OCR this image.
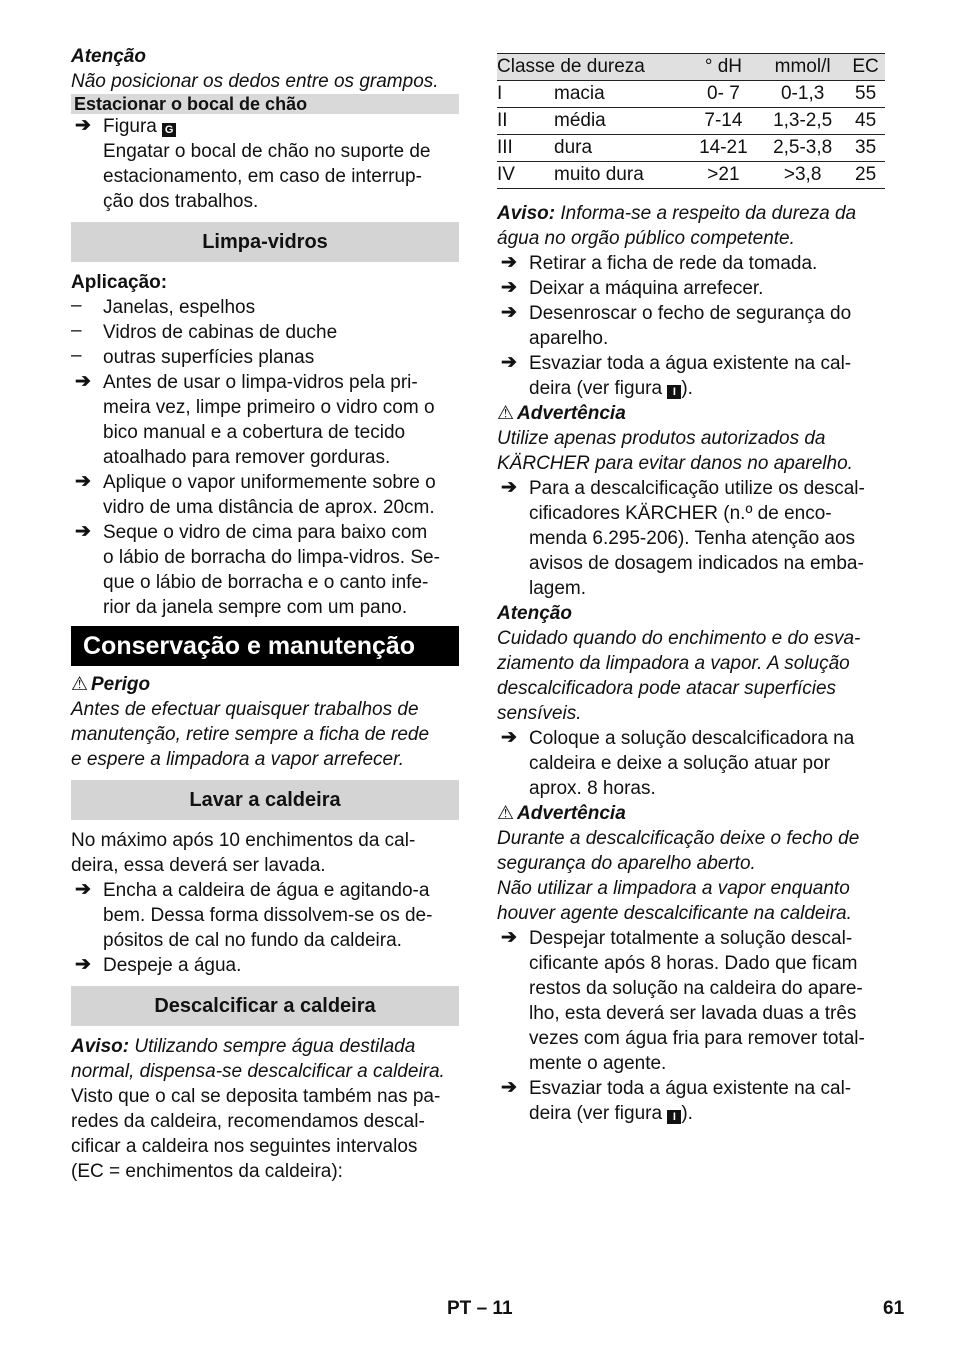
Atenção

Não posicionar os dedos entre os grampos.

Estacionar o bocal de chão

➔ Figura G

Engatar o bocal de chão no suporte de

estacionamento, em caso de interrup-

ção dos trabalhos.

Limpa-vidros

Aplicação:

– Janelas, espelhos

– Vidros de cabinas de duche

– outras superfícies planas

➔ Antes de usar o limpa-vidros pela pri-

meira vez, limpe primeiro o vidro com o

bico manual e a cobertura de tecido

atoalhado para remover gorduras.

➔ Aplique o vapor uniformemente sobre o

vidro de uma distância de aprox. 20cm.

➔ Seque o vidro de cima para baixo com

o lábio de borracha do limpa-vidros. Se-

que o lábio de borracha e o canto infe-

rior da janela sempre com um pano.

Conservação e manutenção

⚠ Perigo

Antes de efectuar quaisquer trabalhos de

manutenção, retire sempre a ficha de rede

e espere a limpadora a vapor arrefecer.

Lavar a caldeira

No máximo após 10 enchimentos da cal-

deira, essa deverá ser lavada.

➔ Encha a caldeira de água e agitando-a

bem. Dessa forma dissolvem-se os de-

pósitos de cal no fundo da caldeira.

➔ Despeje a água.

Descalcificar a caldeira

Aviso: Utilizando sempre água destilada

normal, dispensa-se descalcificar a caldeira.

Visto que o cal se deposita também nas pa-

redes da caldeira, recomendamos descal-

cificar a caldeira nos seguintes intervalos

(EC = enchimentos da caldeira):

Classe de dureza		° dH	mmol/l	EC
I	macia	0- 7	0-1,3	55
II	média	7-14	1,3-2,5	45
III	dura	14-21	2,5-3,8	35
IV	muito dura	>21	>3,8	25

Aviso: Informa-se a respeito da dureza da

água no orgão público competente.

➔ Retirar a ficha de rede da tomada.

➔ Deixar a máquina arrefecer.

➔ Desenroscar o fecho de segurança do

aparelho.

➔ Esvaziar toda a água existente na cal-

deira (ver figura I ).

⚠ Advertência

Utilize apenas produtos autorizados da

KÄRCHER para evitar danos no aparelho.

➔ Para a descalcificação utilize os descal-

cificadores KÄRCHER (n.º de enco-

menda 6.295-206). Tenha atenção aos

avisos de dosagem indicados na emba-

lagem.

Atenção

Cuidado quando do enchimento e do esva-

ziamento da limpadora a vapor. A solução

descalcificadora pode atacar superfícies

sensíveis.

➔ Coloque a solução descalcificadora na

caldeira e deixe a solução atuar por

aprox. 8 horas.

⚠ Advertência

Durante a descalcificação deixe o fecho de

segurança do aparelho aberto.

Não utilizar a limpadora a vapor enquanto

houver agente descalcificante na caldeira.

➔ Despejar totalmente a solução descal-

cificante após 8 horas. Dado que ficam

restos da solução na caldeira do apare-

lho, esta deverá ser lavada duas a três

vezes com água fria para remover total-

mente o agente.

➔ Esvaziar toda a água existente na cal-

deira (ver figura I ).

PT – 11	61
